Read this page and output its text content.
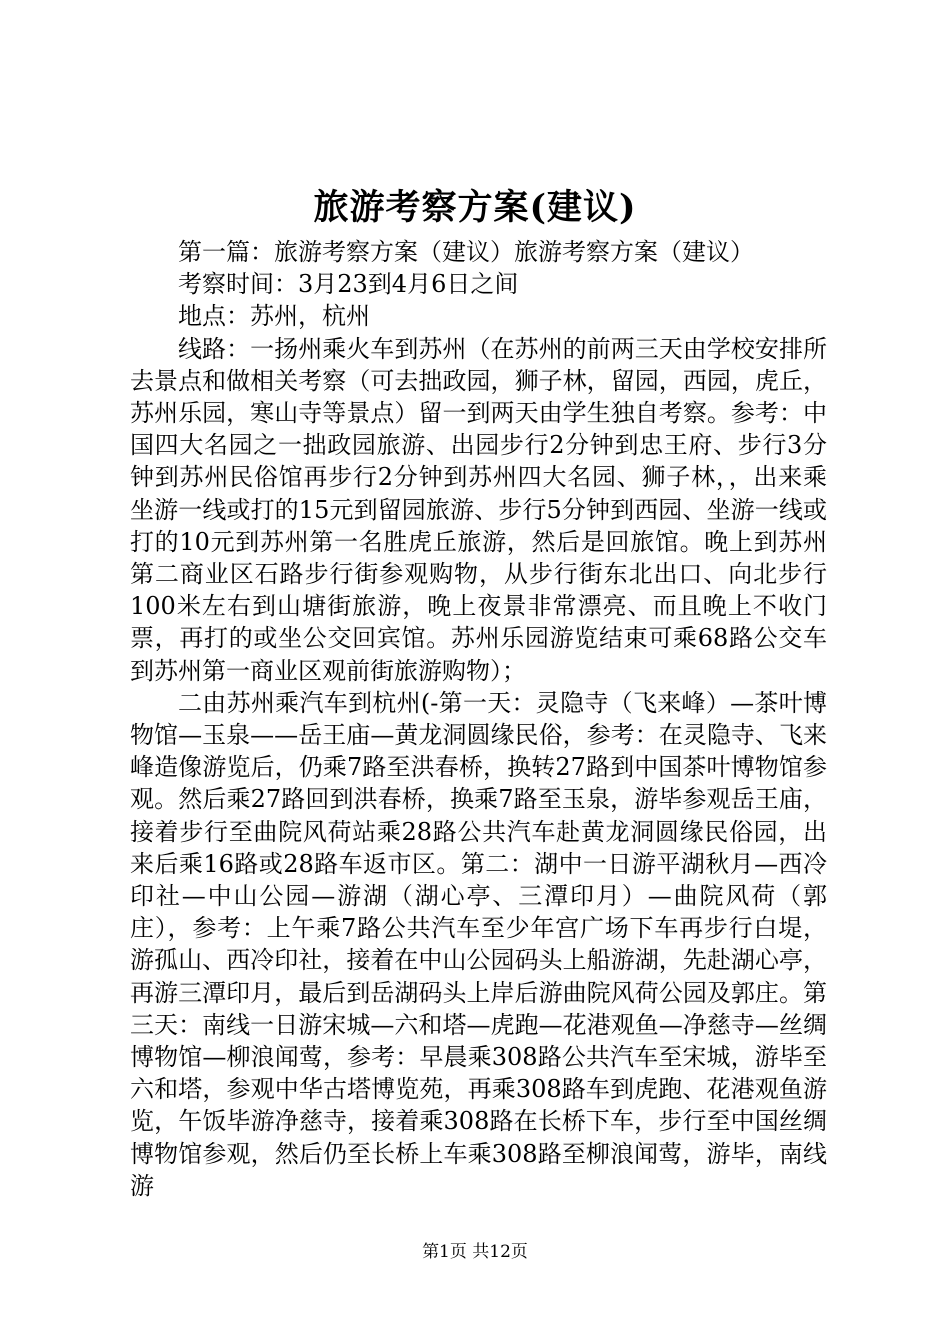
旅游考察方案(建议)

第一篇：旅游考察方案（建议）旅游考察方案（建议）

考察时间：3月23到4月6日之间

地点：苏州，杭州

线路：一扬州乘火车到苏州（在苏州的前两三天由学校安排所去景点和做相关考察（可去拙政园，狮子林，留园，西园，虎丘，苏州乐园，寒山寺等景点）留一到两天由学生独自考察。参考：中国四大名园之一拙政园旅游、出园步行2分钟到忠王府、步行3分钟到苏州民俗馆再步行2分钟到苏州四大名园、狮子林，，出来乘坐游一线或打的15元到留园旅游、步行5分钟到西园、坐游一线或打的10元到苏州第一名胜虎丘旅游，然后是回旅馆。晚上到苏州第二商业区石路步行街参观购物，从步行街东北出口、向北步行100米左右到山塘街旅游，晚上夜景非常漂亮、而且晚上不收门票，再打的或坐公交回宾馆。苏州乐园游览结束可乘68路公交车到苏州第一商业区观前街旅游购物）；

二由苏州乘汽车到杭州(-第一天：灵隐寺（飞来峰）—茶叶博物馆—玉泉——岳王庙—黄龙洞圆缘民俗，参考：在灵隐寺、飞来峰造像游览后，仍乘7路至洪春桥，换转27路到中国茶叶博物馆参观。然后乘27路回到洪春桥，换乘7路至玉泉，游毕参观岳王庙，接着步行至曲院风荷站乘28路公共汽车赴黄龙洞圆缘民俗园，出来后乘16路或28路车返市区。第二：湖中一日游平湖秋月—西冷印社—中山公园—游湖（湖心亭、三潭印月）—曲院风荷（郭庄），参考：上午乘7路公共汽车至少年宫广场下车再步行白堤，游孤山、西冷印社，接着在中山公园码头上船游湖，先赴湖心亭，再游三潭印月，最后到岳湖码头上岸后游曲院风荷公园及郭庄。第三天：南线一日游宋城—六和塔—虎跑—花港观鱼—净慈寺—丝绸博物馆—柳浪闻莺，参考：早晨乘308路公共汽车至宋城，游毕至六和塔，参观中华古塔博览苑，再乘308路车到虎跑、花港观鱼游览，午饭毕游净慈寺，接着乘308路在长桥下车，步行至中国丝绸博物馆参观，然后仍至长桥上车乘308路至柳浪闻莺，游毕，南线游

第1页 共12页
